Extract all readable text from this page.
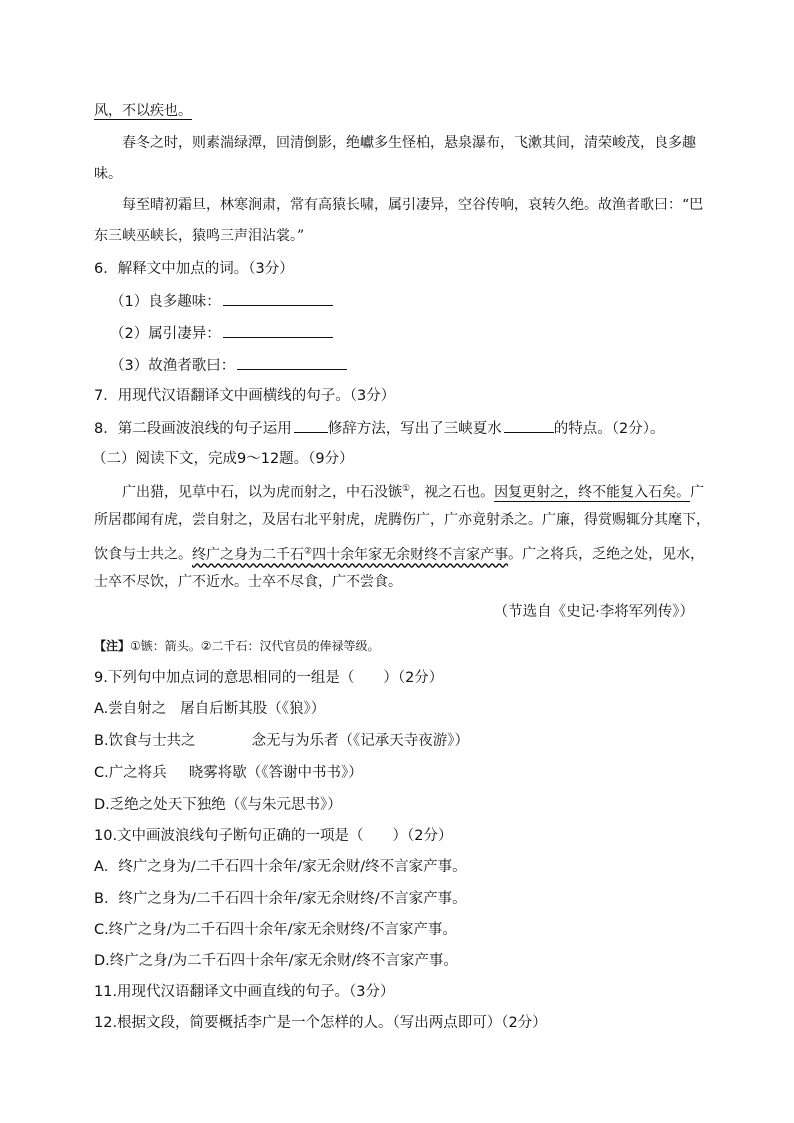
风，不以疾也。
春冬之时，则素湍绿潭，回清倒影，绝巘多生怪柏，悬泉瀑布，飞漱其间，清荣峻茂，良多趣
味。
每至晴初霜旦，林寒涧肃，常有高猿长啸，属引凄异，空谷传响，哀转久绝。故渔者歌曰：“巴
东三峡巫峡长，猿鸣三声泪沾裳。”
6．解释文中加点的词。（3分）
（1）良多趣味：
（2）属引凄异：
（3）故渔者歌曰：
7．用现代汉语翻译文中画横线的句子。（3分）
8．第二段画波浪线的句子运用 修辞方法，写出了三峡夏水	的特点。（2分）。
（二）阅读下文，完成9～12题。（9分）
广出猎，见草中石，以为虎而射之，中石没镞①，视之石也。因复更射之，终不能复入石矣。广
所居郡闻有虎，尝自射之，及居右北平射虎，虎腾伤广，广亦竟射杀之。广廉，得赏赐辄分其麾下，
饮食与士共之。终广之身为二千石②四十余年家无余财终不言家产事。广之将兵，乏绝之处，见水，
士卒不尽饮，广不近水。士卒不尽食，广不尝食。
（节选自《史记·李将军列传》）
【注】①镞：箭头。②二千石：汉代官员的俸禄等级。
9.下列句中加点词的意思相同的一组是（　　）（2分）
A.尝自射之 屠自后断其股（《狼》）
B.饮食与士共之	念无与为乐者（《记承天寺夜游》）
C.广之将兵 晓雾将歇（《答谢中书书》）
D.乏绝之处天下独绝（《与朱元思书》）
10.文中画波浪线句子断句正确的一项是（　　）（2分）
A．终广之身为/二千石四十余年/家无余财/终不言家产事。
B．终广之身为/二千石四十余年/家无余财终/不言家产事。
C.终广之身/为二千石四十余年/家无余财终/不言家产事。
D.终广之身/为二千石四十余年/家无余财/终不言家产事。
11.用现代汉语翻译文中画直线的句子。（3分）
12.根据文段，简要概括李广是一个怎样的人。（写出两点即可）（2分）
